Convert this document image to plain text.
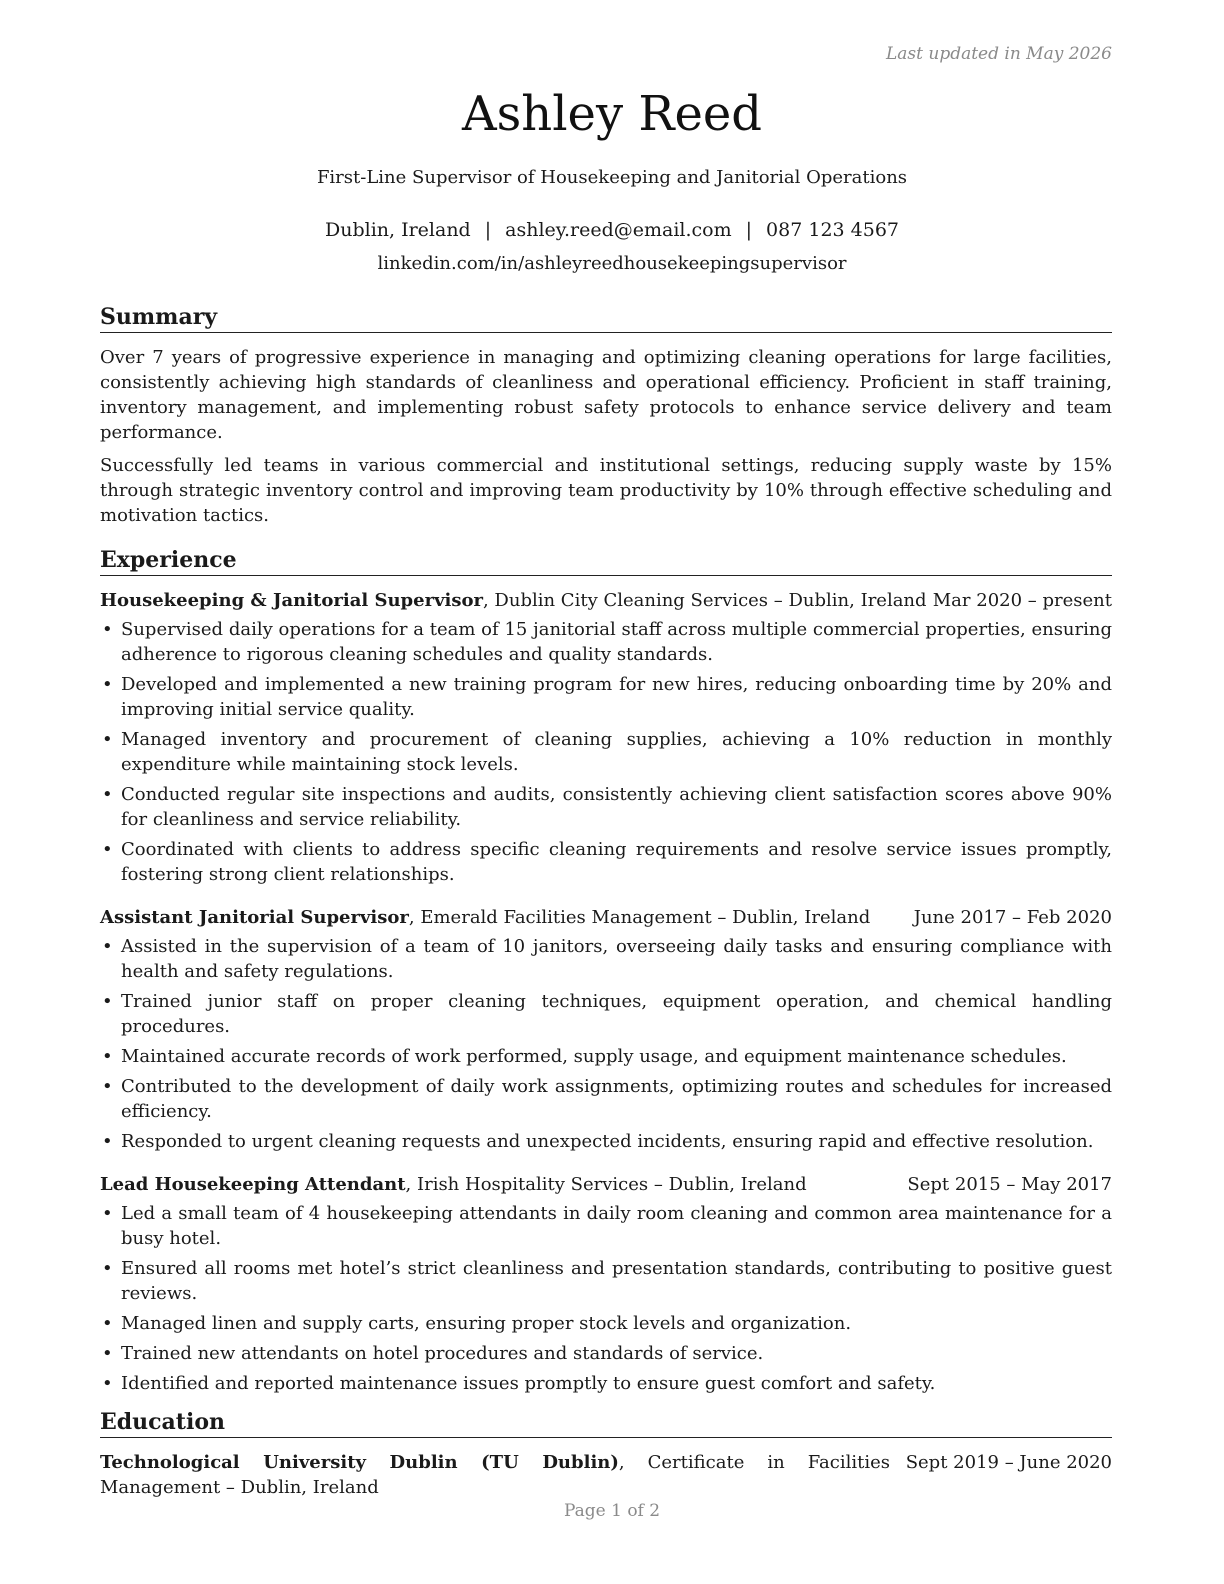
Last updated in May 2026
Ashley Reed
First-Line Supervisor of Housekeeping and Janitorial Operations
Dublin, Ireland | ashley.reed@email.com | 087 123 4567
linkedin.com/in/ashleyreedhousekeepingsupervisor
Summary

Over 7 years of progressive experience in managing and optimizing cleaning operations for large facilities, consistently achieving high standards of cleanliness and operational efficiency. Proficient in staff training, inventory management, and implementing robust safety protocols to enhance service delivery and team performance.

Successfully led teams in various commercial and institutional settings, reducing supply waste by 15% through strategic inventory control and improving team productivity by 10% through effective scheduling and motivation tactics.

Experience
Housekeeping & Janitorial Supervisor, Dublin City Cleaning Services – Dublin, Ireland Mar 2020 – present
• Supervised daily operations for a team of 15 janitorial staff across multiple commercial properties, ensuring adherence to rigorous cleaning schedules and quality standards.
• Developed and implemented a new training program for new hires, reducing onboarding time by 20% and improving initial service quality.
• Managed inventory and procurement of cleaning supplies, achieving a 10% reduction in monthly expenditure while maintaining stock levels.
• Conducted regular site inspections and audits, consistently achieving client satisfaction scores above 90% for cleanliness and service reliability.
• Coordinated with clients to address specific cleaning requirements and resolve service issues promptly, fostering strong client relationships.
Assistant Janitorial Supervisor, Emerald Facilities Management – Dublin, Ireland June 2017 – Feb 2020
• Assisted in the supervision of a team of 10 janitors, overseeing daily tasks and ensuring compliance with health and safety regulations.
• Trained junior staff on proper cleaning techniques, equipment operation, and chemical handling procedures.
• Maintained accurate records of work performed, supply usage, and equipment maintenance schedules.
• Contributed to the development of daily work assignments, optimizing routes and schedules for increased efficiency.
• Responded to urgent cleaning requests and unexpected incidents, ensuring rapid and effective resolution.
Lead Housekeeping Attendant, Irish Hospitality Services – Dublin, Ireland	Sept 2015 – May 2017
• Led a small team of 4 housekeeping attendants in daily room cleaning and common area maintenance for a busy hotel.
• Ensured all rooms met hotel’s strict cleanliness and presentation standards, contributing to positive guest reviews.
• Managed linen and supply carts, ensuring proper stock levels and organization.
• Trained new attendants on hotel procedures and standards of service.
• Identified and reported maintenance issues promptly to ensure guest comfort and safety.
Education
Technological University Dublin (TU Dublin), Certificate in Facilities Management – Dublin, Ireland
Sept 2019 – June 2020
Page 1 of 2
